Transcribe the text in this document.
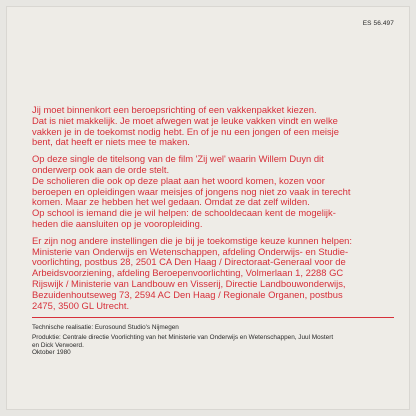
ES 56.497

Jij moet binnenkort een beroepsrichting of een vakkenpakket kiezen.
Dat is niet makkelijk. Je moet afwegen wat je leuke vakken vindt en welke
vakken je in de toekomst nodig hebt. En of je nu een jongen of een meisje
bent, dat heeft er niets mee te maken.

Op deze single de titelsong van de film 'Zij wel' waarin Willem Duyn dit
onderwerp ook aan de orde stelt.
De scholieren die ook op deze plaat aan het woord komen, kozen voor
beroepen en opleidingen waar meisjes of jongens nog niet zo vaak in terecht
komen. Maar ze hebben het wel gedaan. Omdat ze dat zelf wilden.
Op school is iemand die je wil helpen: de schooldecaan kent de mogelijk-
heden die aansluiten op je vooropleiding.

Er zijn nog andere instellingen die je bij je toekomstige keuze kunnen helpen:
Ministerie van Onderwijs en Wetenschappen, afdeling Onderwijs- en Studie-
voorlichting, postbus 28, 2501 CA Den Haag / Directoraat-Generaal voor de
Arbeidsvoorziening, afdeling Beroepenvoorlichting, Volmerlaan 1, 2288 GC
Rijswijk / Ministerie van Landbouw en Visserij, Directie Landbouwonderwijs,
Bezuidenhoutseweg 73, 2594 AC Den Haag / Regionale Organen, postbus
2475, 3500 GL Utrecht.

Technische realisatie: Eurosound Studio's Nijmegen
Produktie: Centrale directie Voorlichting van het Ministerie van Onderwijs en Wetenschappen, Juul Mostert
en Dick Verwoerd.
Oktober 1980
